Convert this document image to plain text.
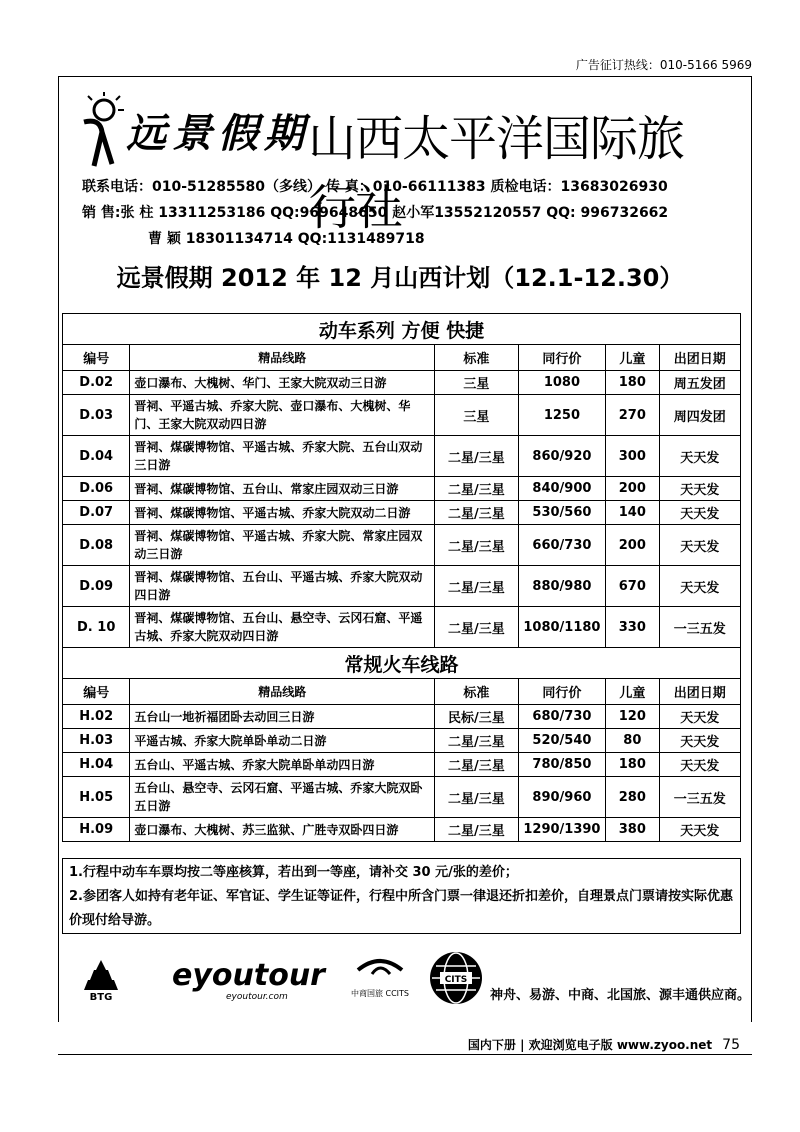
广告征订热线：010-5166 5969
远景假期
山西太平洋国际旅行社
联系电话：010-51285580（多线） 传 真：010-66111383 质检电话：13683026930
销 售:张 柱 13311253186 QQ:969648650 赵小军13552120557 QQ: 996732662
曹 颖 18301134714 QQ:1131489718
远景假期 2012 年 12 月山西计划（12.1-12.30）
动车系列 方便 快捷					
编号	精品线路	标准	同行价	儿童	出团日期
D.02	壶口瀑布、大槐树、华门、王家大院双动三日游	三星	1080	180	周五发团
D.03	晋祠、平遥古城、乔家大院、壶口瀑布、大槐树、华门、王家大院双动四日游	三星	1250	270	周四发团
D.04	晋祠、煤碳博物馆、平遥古城、乔家大院、五台山双动三日游	二星/三星	860/920	300	天天发
D.06	晋祠、煤碳博物馆、五台山、常家庄园双动三日游	二星/三星	840/900	200	天天发
D.07	晋祠、煤碳博物馆、平遥古城、乔家大院双动二日游	二星/三星	530/560	140	天天发
D.08	晋祠、煤碳博物馆、平遥古城、乔家大院、常家庄园双动三日游	二星/三星	660/730	200	天天发
D.09	晋祠、煤碳博物馆、五台山、平遥古城、乔家大院双动四日游	二星/三星	880/980	670	天天发
D. 10	晋祠、煤碳博物馆、五台山、悬空寺、云冈石窟、平遥古城、乔家大院双动四日游	二星/三星	1080/1180	330	一三五发
常规火车线路					
编号	精品线路	标准	同行价	儿童	出团日期
H.02	五台山一地祈福团卧去动回三日游	民标/三星	680/730	120	天天发
H.03	平遥古城、乔家大院单卧单动二日游	二星/三星	520/540	80	天天发
H.04	五台山、平遥古城、乔家大院单卧单动四日游	二星/三星	780/850	180	天天发
H.05	五台山、悬空寺、云冈石窟、平遥古城、乔家大院双卧五日游	二星/三星	890/960	280	一三五发
H.09	壶口瀑布、大槐树、苏三监狱、广胜寺双卧四日游	二星/三星	1290/1390	380	天天发

1.行程中动车车票均按二等座核算，若出到一等座，请补交 30 元/张的差价；

2.参团客人如持有老年证、军官证、学生证等证件，行程中所含门票一律退还折扣差价，自理景点门票请按实际优惠价现付给导游。

BTG
eyoutour
eyoutour.com	中商国旅 CCITS
CITS
神舟、易游、中商、北国旅、源丰通供应商。
国内下册 | 欢迎浏览电子版 www.zyoo.net 75
